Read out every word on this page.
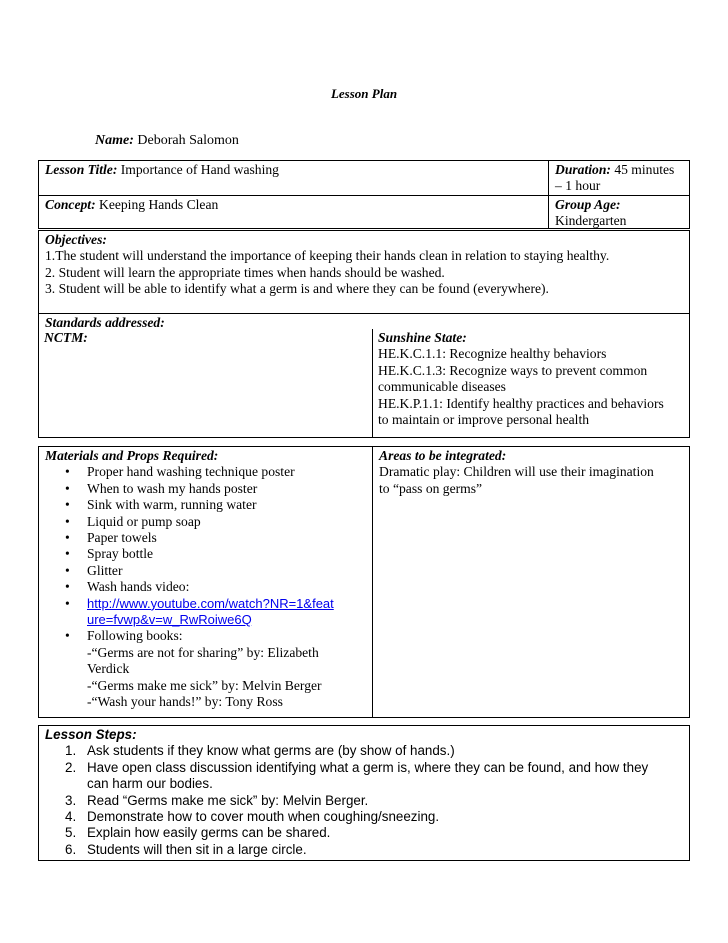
Lesson Plan
Name: Deborah Salomon
Lesson Title: Importance of Hand washing	Duration: 45 minutes
– 1 hour
Concept: Keeping Hands Clean	Group Age:
Kindergarten
Objectives:
1.The student will understand the importance of keeping their hands clean in relation to staying healthy.
2. Student will learn the appropriate times when hands should be washed.
3. Student will be able to identify what a germ is and where they can be found (everywhere).
Standards addressed:
NCTM:	Sunshine State:
HE.K.C.1.1: Recognize healthy behaviors
HE.K.C.1.3: Recognize ways to prevent common
communicable diseases
HE.K.P.1.1: Identify healthy practices and behaviors
to maintain or improve personal health
Materials and Props Required:
• Proper hand washing technique poster
• When to wash my hands poster
• Sink with warm, running water
• Liquid or pump soap
• Paper towels
• Spray bottle
• Glitter
• Wash hands video:
• http://www.youtube.com/watch?NR=1&feat
ure=fvwp&v=w_RwRoiwe6Q
• Following books:
-“Germs are not for sharing” by: Elizabeth
Verdick
-“Germs make me sick” by: Melvin Berger
-“Wash your hands!” by: Tony Ross
Areas to be integrated:
Dramatic play: Children will use their imagination
to “pass on germs”
Lesson Steps:
1. Ask students if they know what germs are (by show of hands.)
2. Have open class discussion identifying what a germ is, where they can be found, and how they
can harm our bodies.
3. Read “Germs make me sick” by: Melvin Berger.
4. Demonstrate how to cover mouth when coughing/sneezing.
5. Explain how easily germs can be shared.
6. Students will then sit in a large circle.
